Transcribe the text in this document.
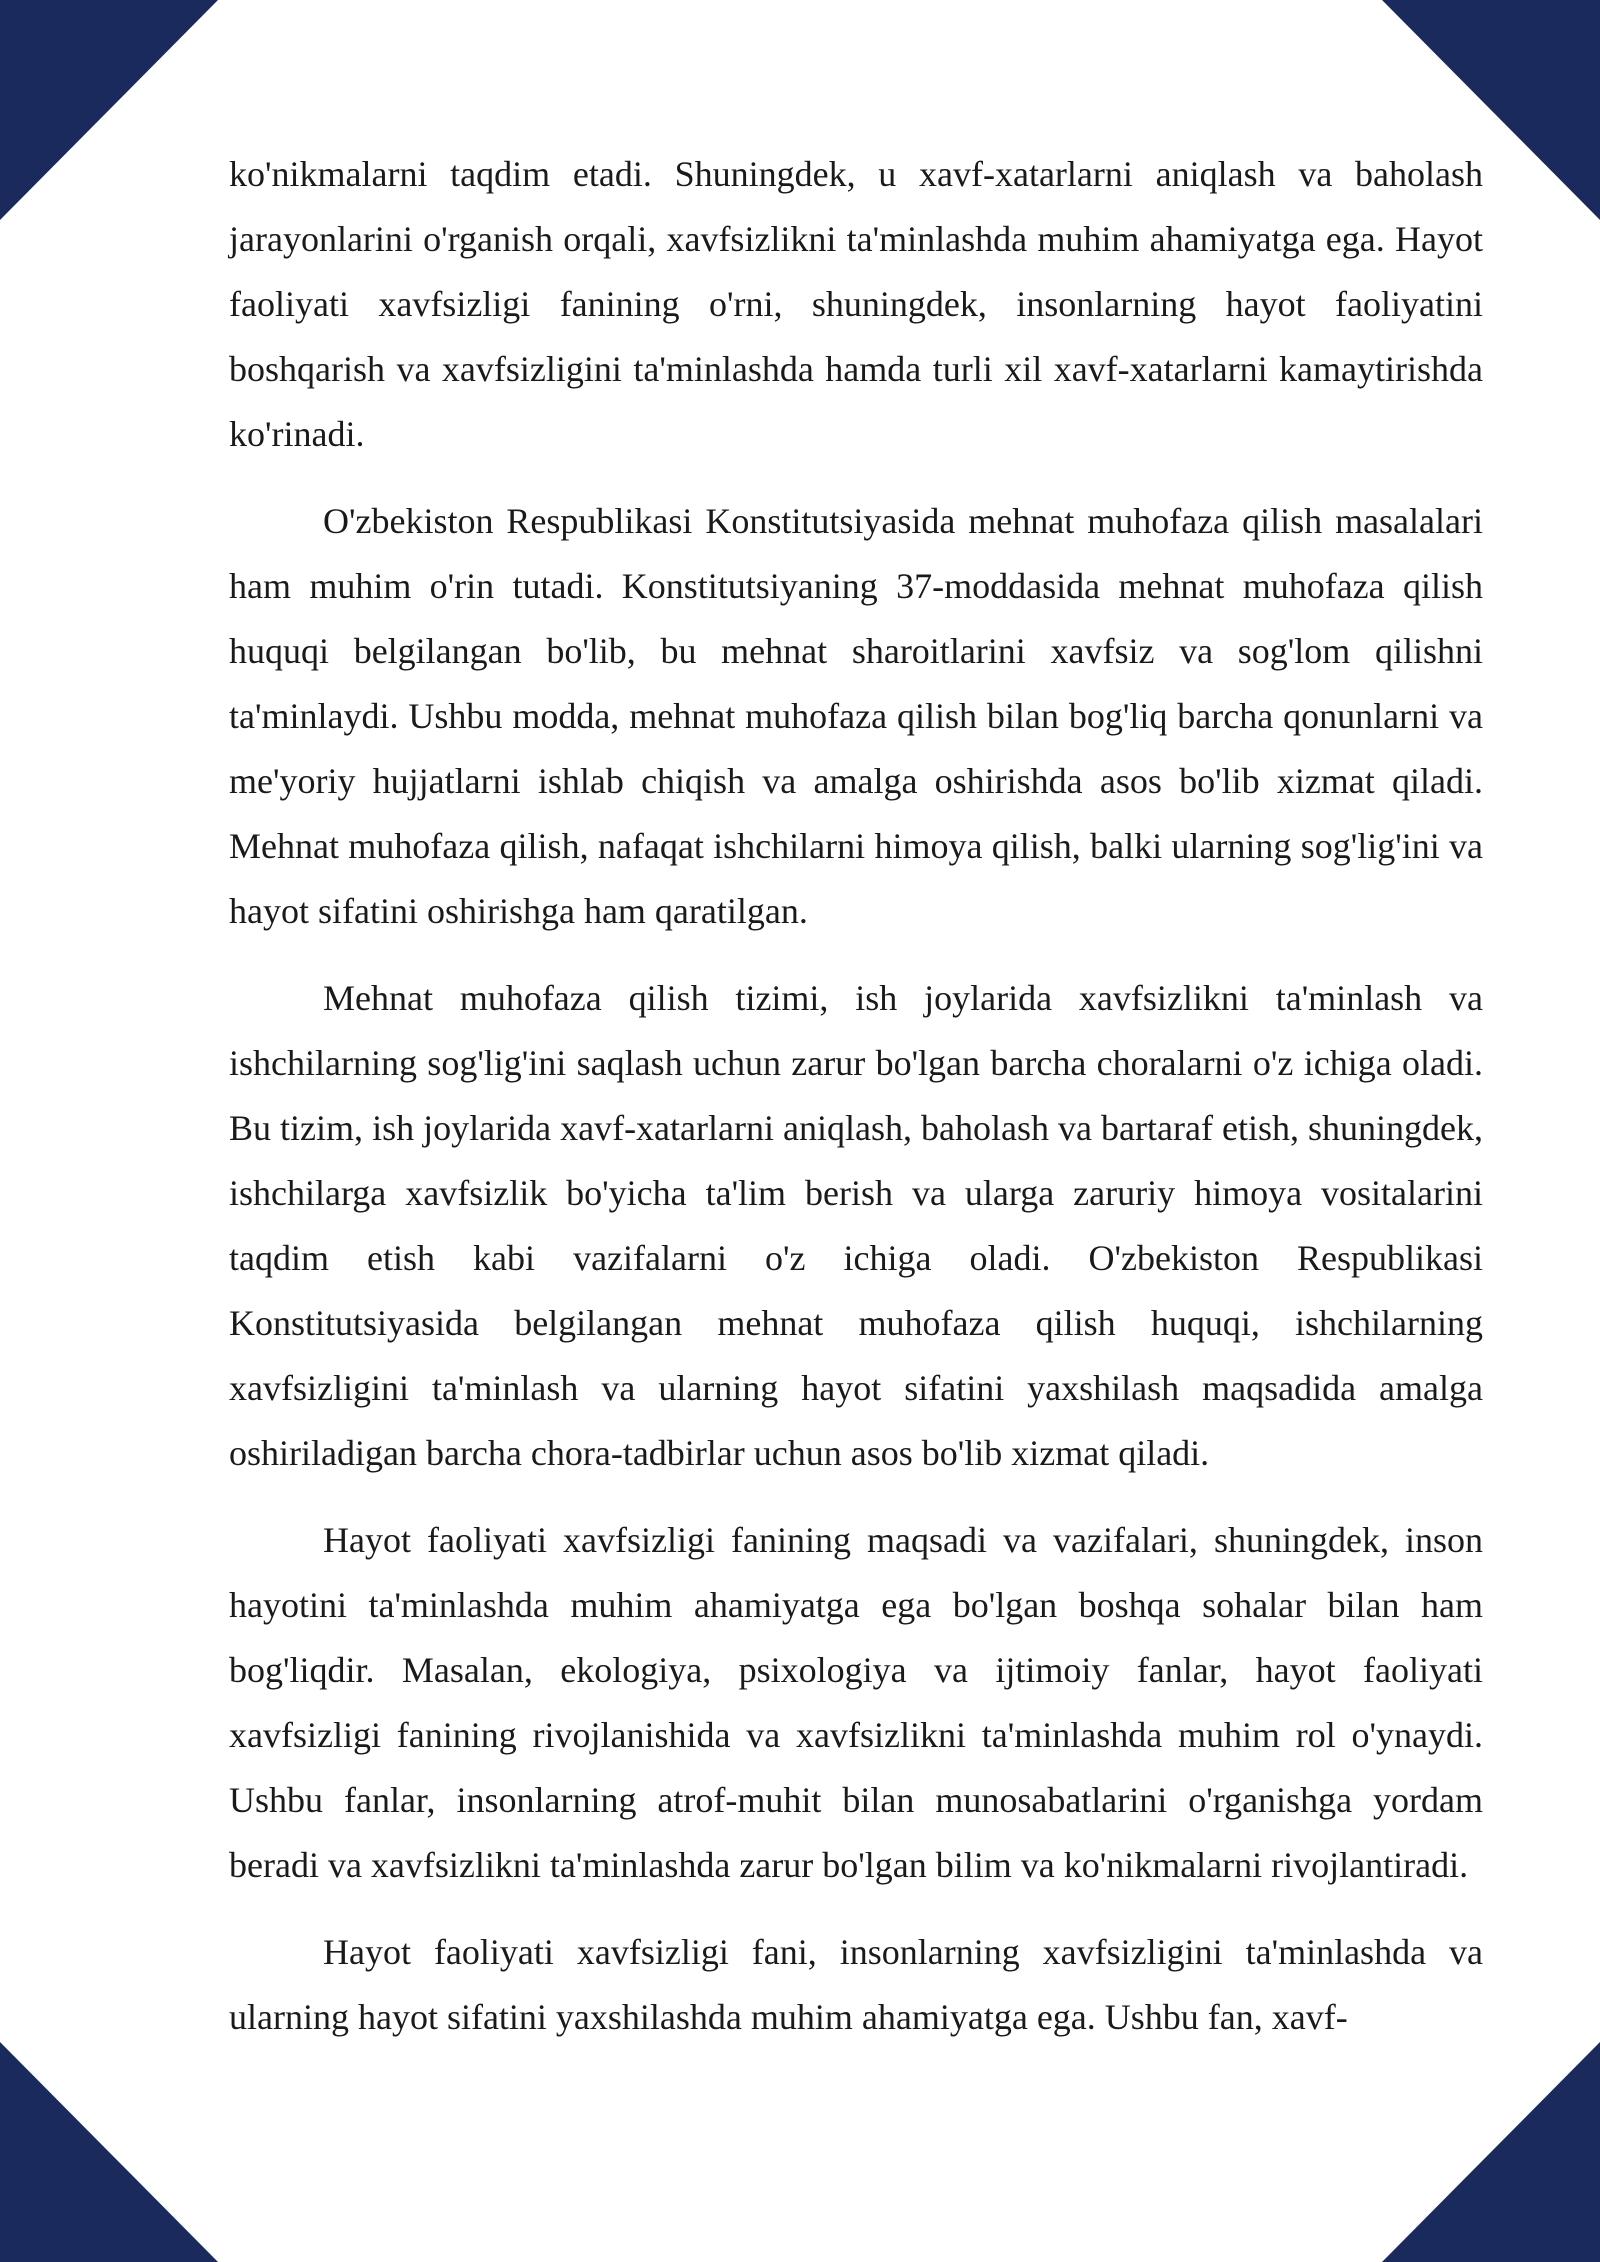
ko'nikmalarni taqdim etadi. Shuningdek, u xavf-xatarlarni aniqlash va baholash jarayonlarini o'rganish orqali, xavfsizlikni ta'minlashda muhim ahamiyatga ega. Hayot faoliyati xavfsizligi fanining o'rni, shuningdek, insonlarning hayot faoliyatini boshqarish va xavfsizligini ta'minlashda hamda turli xil xavf-xatarlarni kamaytirishda ko'rinadi.

O'zbekiston Respublikasi Konstitutsiyasida mehnat muhofaza qilish masalalari ham muhim o'rin tutadi. Konstitutsiyaning 37-moddasida mehnat muhofaza qilish huquqi belgilangan bo'lib, bu mehnat sharoitlarini xavfsiz va sog'lom qilishni ta'minlaydi. Ushbu modda, mehnat muhofaza qilish bilan bog'liq barcha qonunlarni va me'yoriy hujjatlarni ishlab chiqish va amalga oshirishda asos bo'lib xizmat qiladi. Mehnat muhofaza qilish, nafaqat ishchilarni himoya qilish, balki ularning sog'lig'ini va hayot sifatini oshirishga ham qaratilgan.

Mehnat muhofaza qilish tizimi, ish joylarida xavfsizlikni ta'minlash va ishchilarning sog'lig'ini saqlash uchun zarur bo'lgan barcha choralarni o'z ichiga oladi. Bu tizim, ish joylarida xavf-xatarlarni aniqlash, baholash va bartaraf etish, shuningdek, ishchilarga xavfsizlik bo'yicha ta'lim berish va ularga zaruriy himoya vositalarini taqdim etish kabi vazifalarni o'z ichiga oladi. O'zbekiston Respublikasi Konstitutsiyasida belgilangan mehnat muhofaza qilish huquqi, ishchilarning xavfsizligini ta'minlash va ularning hayot sifatini yaxshilash maqsadida amalga oshiriladigan barcha chora-tadbirlar uchun asos bo'lib xizmat qiladi.

Hayot faoliyati xavfsizligi fanining maqsadi va vazifalari, shuningdek, inson hayotini ta'minlashda muhim ahamiyatga ega bo'lgan boshqa sohalar bilan ham bog'liqdir. Masalan, ekologiya, psixologiya va ijtimoiy fanlar, hayot faoliyati xavfsizligi fanining rivojlanishida va xavfsizlikni ta'minlashda muhim rol o'ynaydi. Ushbu fanlar, insonlarning atrof-muhit bilan munosabatlarini o'rganishga yordam beradi va xavfsizlikni ta'minlashda zarur bo'lgan bilim va ko'nikmalarni rivojlantiradi.

Hayot faoliyati xavfsizligi fani, insonlarning xavfsizligini ta'minlashda va ularning hayot sifatini yaxshilashda muhim ahamiyatga ega. Ushbu fan, xavf-
